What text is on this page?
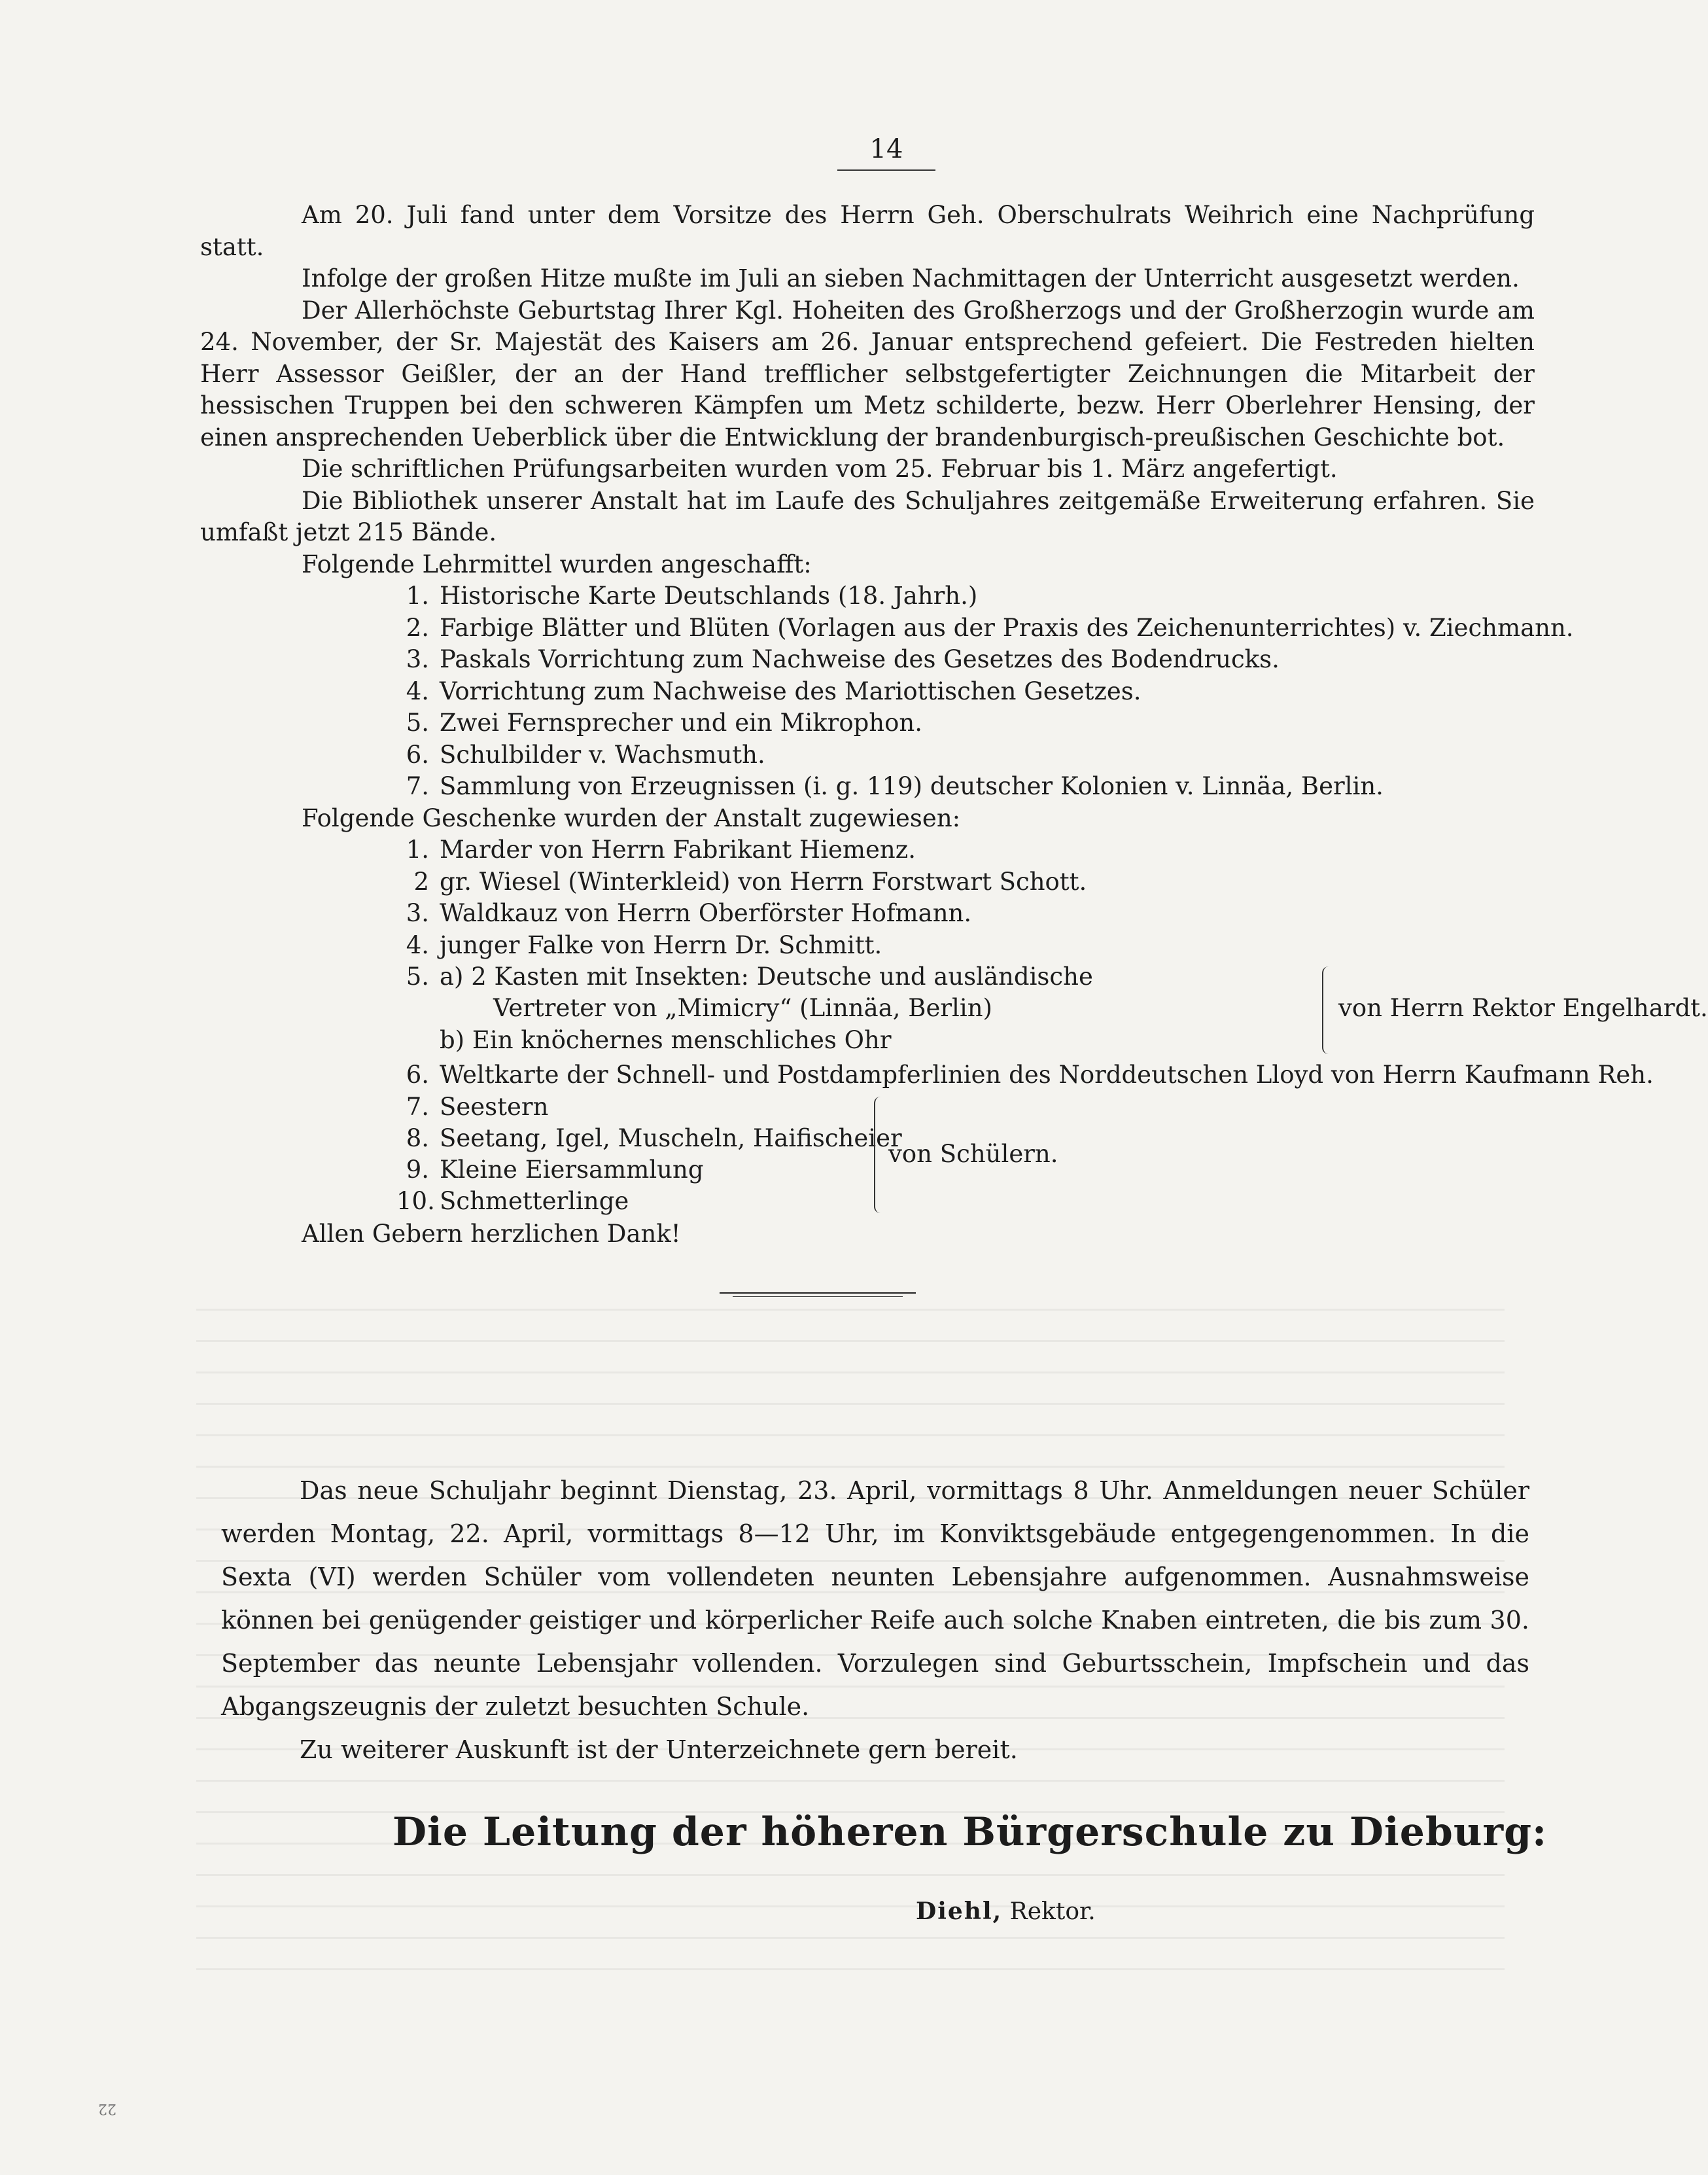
14

Am 20. Juli fand unter dem Vorsitze des Herrn Geh. Oberschulrats Weihrich eine Nachprüfung statt.

Infolge der großen Hitze mußte im Juli an sieben Nachmittagen der Unterricht ausgesetzt werden.

Der Allerhöchste Geburtstag Ihrer Kgl. Hoheiten des Großherzogs und der Großherzogin wurde am 24. November, der Sr. Majestät des Kaisers am 26. Januar entsprechend gefeiert. Die Festreden hielten Herr Assessor Geißler, der an der Hand trefflicher selbstgefertigter Zeichnungen die Mitarbeit der hessischen Truppen bei den schweren Kämpfen um Metz schilderte, bezw. Herr Oberlehrer Hensing, der einen ansprechenden Ueberblick über die Entwicklung der brandenburgisch-preußischen Geschichte bot.

Die schriftlichen Prüfungsarbeiten wurden vom 25. Februar bis 1. März angefertigt.

Die Bibliothek unserer Anstalt hat im Laufe des Schuljahres zeitgemäße Erweiterung erfahren. Sie umfaßt jetzt 215 Bände.

Folgende Lehrmittel wurden angeschafft:

1. Historische Karte Deutschlands (18. Jahrh.)
2. Farbige Blätter und Blüten (Vorlagen aus der Praxis des Zeichenunterrichtes) v. Ziechmann.
3. Paskals Vorrichtung zum Nachweise des Gesetzes des Bodendrucks.
4. Vorrichtung zum Nachweise des Mariottischen Gesetzes.
5. Zwei Fernsprecher und ein Mikrophon.
6. Schulbilder v. Wachsmuth.
7. Sammlung von Erzeugnissen (i. g. 119) deutscher Kolonien v. Linnäa, Berlin.

Folgende Geschenke wurden der Anstalt zugewiesen:

1. Marder von Herrn Fabrikant Hiemenz.
2 gr. Wiesel (Winterkleid) von Herrn Forstwart Schott.
3. Waldkauz von Herrn Oberförster Hofmann.
4. junger Falke von Herrn Dr. Schmitt.
5. a) 2 Kasten mit Insekten: Deutsche und ausländische
Vertreter von „Mimicry“ (Linnäa, Berlin)
b) Ein knöchernes menschliches Ohr
von Herrn Rektor Engelhardt.
6. Weltkarte der Schnell- und Postdampferlinien des Norddeutschen Lloyd von Herrn Kaufmann Reh.
7. Seestern
8. Seetang, Igel, Muscheln, Haifischeier
9. Kleine Eiersammlung
10. Schmetterlinge
von Schülern.

Allen Gebern herzlichen Dank!

Das neue Schuljahr beginnt Dienstag, 23. April, vormittags 8 Uhr. Anmeldungen neuer Schüler werden Montag, 22. April, vormittags 8—12 Uhr, im Konviktsgebäude entgegengenommen. In die Sexta (VI) werden Schüler vom vollendeten neunten Lebensjahre aufgenommen. Ausnahmsweise können bei genügender geistiger und körperlicher Reife auch solche Knaben eintreten, die bis zum 30. September das neunte Lebensjahr vollenden. Vorzulegen sind Geburtsschein, Impfschein und das Abgangszeugnis der zuletzt besuchten Schule.

Zu weiterer Auskunft ist der Unterzeichnete gern bereit.

Die Leitung der höheren Bürgerschule zu Dieburg:
Diehl, Rektor.
22
